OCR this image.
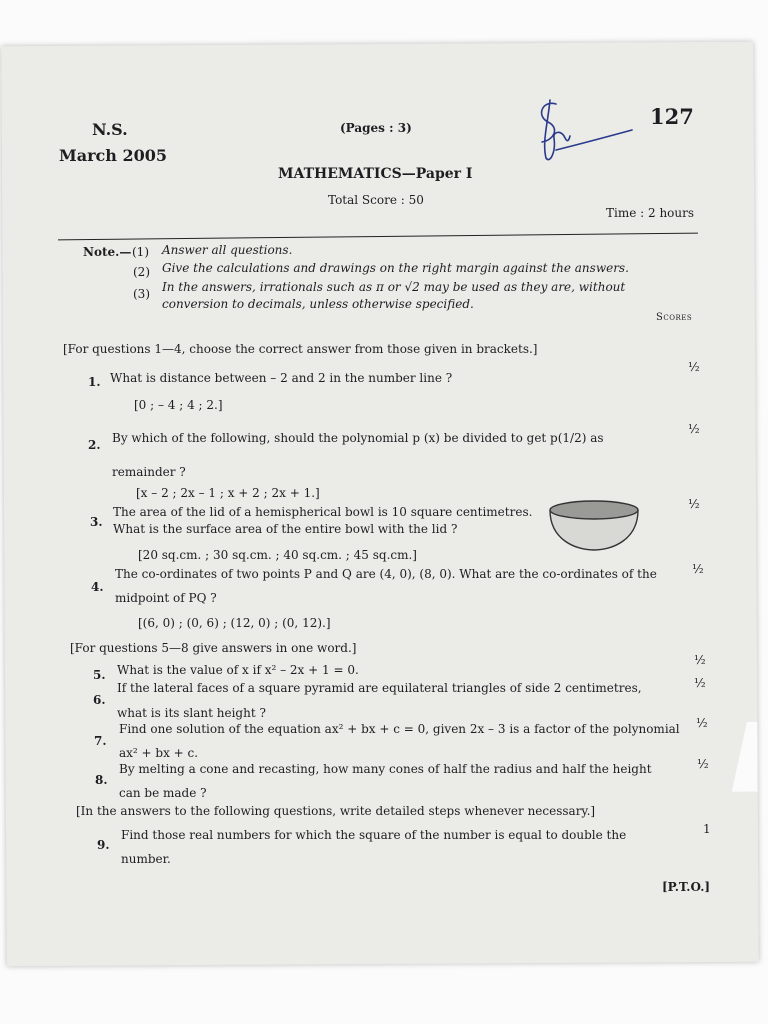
N.S.
March 2005
(Pages : 3)	127
MATHEMATICS—Paper I
Total Score : 50
Time : 2 hours
Note.— (1) Answer all questions.
(2) Give the calculations and drawings on the right margin against the answers.
(3) In the answers, irrationals such as π or √2 may be used as they are, without
conversion to decimals, unless otherwise specified.
Scores
[For questions 1—4, choose the correct answer from those given in brackets.]
1. What is distance between – 2 and 2 in the number line ?
[0 ; – 4 ; 4 ; 2.]
½
2. By which of the following, should the polynomial p (x) be divided to get p(1/2) as
remainder ?
[x – 2 ; 2x – 1 ; x + 2 ; 2x + 1.]
½
3.
The area of the lid of a hemispherical bowl is 10 square centimetres.
What is the surface area of the entire bowl with the lid ?
[20 sq.cm. ; 30 sq.cm. ; 40 sq.cm. ; 45 sq.cm.]
½
4.
The co-ordinates of two points P and Q are (4, 0), (8, 0). What are the co-ordinates of the
midpoint of PQ ?
[(6, 0) ; (0, 6) ; (12, 0) ; (0, 12).]
½
[For questions 5—8 give answers in one word.]
5. What is the value of x if x² – 2x + 1 = 0.
½
6.
If the lateral faces of a square pyramid are equilateral triangles of side 2 centimetres,
what is its slant height ?
½
7.
Find one solution of the equation ax² + bx + c = 0, given 2x – 3 is a factor of the polynomial
ax² + bx + c.
½
8.
By melting a cone and recasting, how many cones of half the radius and half the height
can be made ?
½
[In the answers to the following questions, write detailed steps whenever necessary.]
9.
Find those real numbers for which the square of the number is equal to double the
number.
1
[P.T.O.]
